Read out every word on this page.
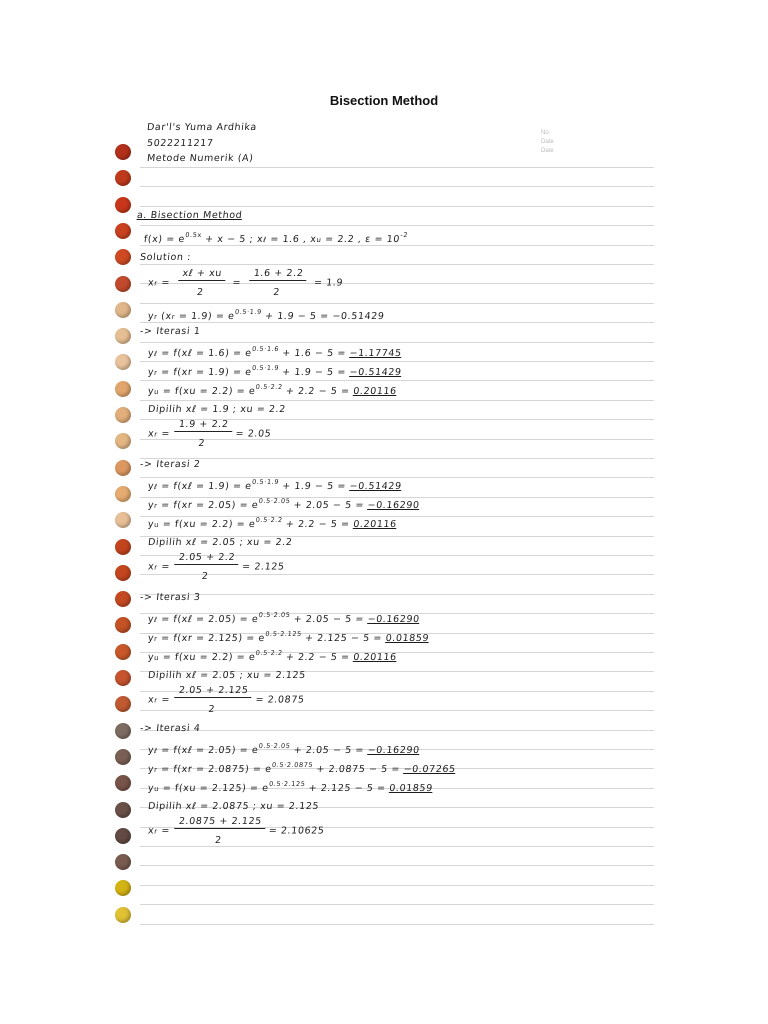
Bisection Method
No.
Date
Date
Dar'l's Yuma Ardhika
5022211217
Metode Numerik (A)
a. Bisection Method
$f(x) = e^{0.5x} + x - 5$ ; xℓ = 1.6 , xu = 2.2 , $\varepsilon = 10^{-2}$
Solution :
xr = $\frac{\text{xℓ + xu}}{2} = \frac{1.6 + 2.2}{2} = 1.9$
yr $(xr = 1.9) = e^{0.5\cdot 1.9} + 1.9 - 5 = -0.51429$
-> Iterasi 1
yℓ = f(xℓ = $1.6) = e^{0.5\cdot 1.6} + 1.6 - 5 = -1.17745$
yr = $f(xr = 1.9) = e^{0.5\cdot 1.9} + 1.9 - 5 = -0.51429$
yu = $f(xu = 2.2) = e^{0.5\cdot 2.2} + 2.2 - 5 = 0.20116$
Dipilih xℓ = 1.9 ; xu = 2.2
xr = $\frac{1.9 + 2.2}{2} = 2.05$
-> Iterasi 2
yℓ = f(xℓ = $1.9) = e^{0.5\cdot 1.9} + 1.9 - 5 = -0.51429$
yr = $f(xr = 2.05) = e^{0.5\cdot 2.05} + 2.05 - 5 = -0.16290$
yu = $f(xu = 2.2) = e^{0.5\cdot 2.2} + 2.2 - 5 = 0.20116$
Dipilih xℓ = 2.05 ; xu = 2.2
xr = $\frac{2.05 + 2.2}{2} = 2.125$
-> Iterasi 3
yℓ = f(xℓ = $2.05) = e^{0.5\cdot 2.05} + 2.05 - 5 = -0.16290$
yr = $f(xr = 2.125) = e^{0.5\cdot 2.125} + 2.125 - 5 = 0.01859$
yu = $f(xu = 2.2) = e^{0.5\cdot 2.2} + 2.2 - 5 = 0.20116$
Dipilih xℓ = 2.05 ; xu = 2.125
xr = $\frac{2.05 + 2.125}{2} = 2.0875$
-> Iterasi 4
yℓ = f(xℓ = $2.05) = e^{0.5\cdot 2.05} + 2.05 - 5 = -0.16290$
yr = $f(xr = 2.0875) = e^{0.5\cdot 2.0875} + 2.0875 - 5 = -0.07265$
yu = $f(xu = 2.125) = e^{0.5\cdot 2.125} + 2.125 - 5 = 0.01859$
Dipilih xℓ = 2.0875 ; xu = 2.125
xr = $\frac{2.0875 + 2.125}{2} = 2.10625$
